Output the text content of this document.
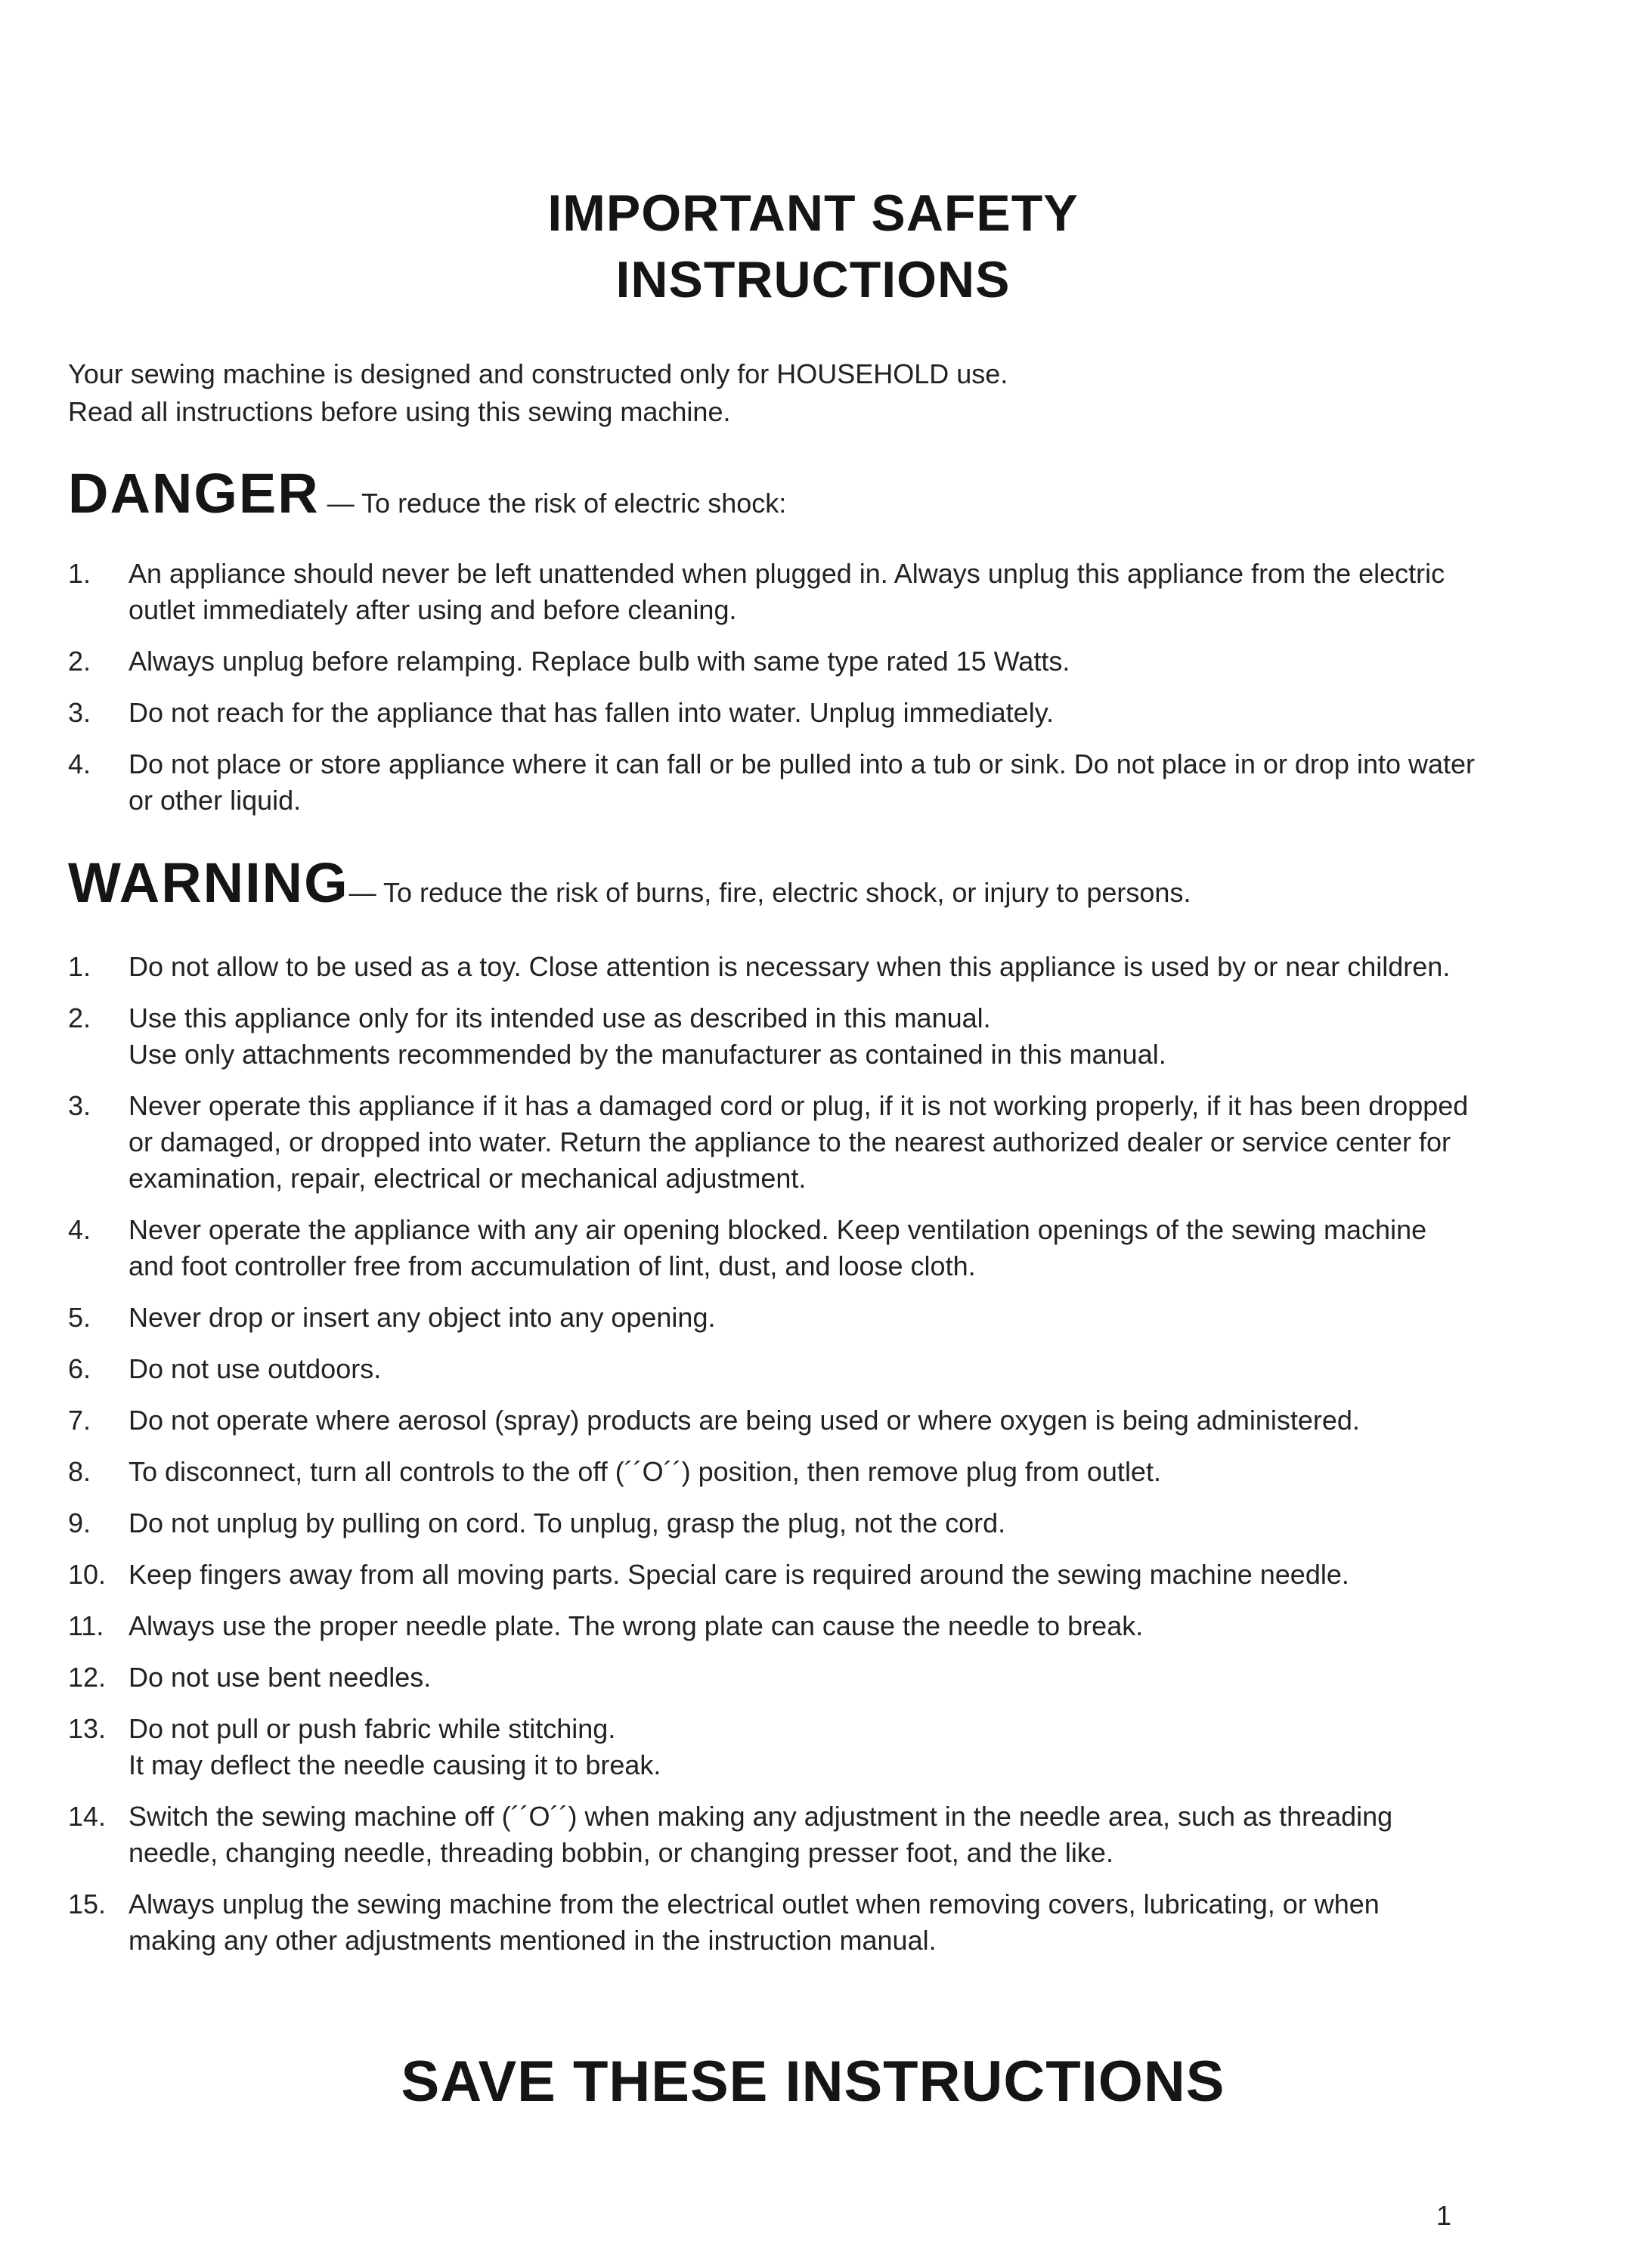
IMPORTANT SAFETY
INSTRUCTIONS
Your sewing machine is designed and constructed only for HOUSEHOLD use.
Read all instructions before using this sewing machine.
DANGER — To reduce the risk of electric shock:
1.	An appliance should never be left unattended when plugged in. Always unplug this appliance from the electric
outlet immediately after using and before cleaning.
2.	Always unplug before relamping. Replace bulb with same type rated 15 Watts.
3.	Do not reach for the appliance that has fallen into water. Unplug immediately.
4.	Do not place or store appliance where it can fall or be pulled into a tub or sink. Do not place in or drop into water
or other liquid.
WARNING— To reduce the risk of burns, fire, electric shock, or injury to persons.
1.	Do not allow to be used as a toy. Close attention is necessary when this appliance is used by or near children.
2.	Use this appliance only for its intended use as described in this manual.
Use only attachments recommended by the manufacturer as contained in this manual.
3.	Never operate this appliance if it has a damaged cord or plug, if it is not working properly, if it has been dropped
or damaged, or dropped into water. Return the appliance to the nearest authorized dealer or service center for
examination, repair, electrical or mechanical adjustment.
4.	Never operate the appliance with any air opening blocked. Keep ventilation openings of the sewing machine
and foot controller free from accumulation of lint, dust, and loose cloth.
5.	Never drop or insert any object into any opening.
6.	Do not use outdoors.
7.	Do not operate where aerosol (spray) products are being used or where oxygen is being administered.
8.	To disconnect, turn all controls to the off (´´O´´) position, then remove plug from outlet.
9.	Do not unplug by pulling on cord. To unplug, grasp the plug, not the cord.
10. Keep fingers away from all moving parts. Special care is required around the sewing machine needle.
11. Always use the proper needle plate. The wrong plate can cause the needle to break.
12. Do not use bent needles.
13. Do not pull or push fabric while stitching.
It may deflect the needle causing it to break.
14. Switch the sewing machine off (´´O´´) when making any adjustment in the needle area, such as threading
needle, changing needle, threading bobbin, or changing presser foot, and the like.
15. Always unplug the sewing machine from the electrical outlet when removing covers, lubricating, or when
making any other adjustments mentioned in the instruction manual.
SAVE THESE INSTRUCTIONS
1
